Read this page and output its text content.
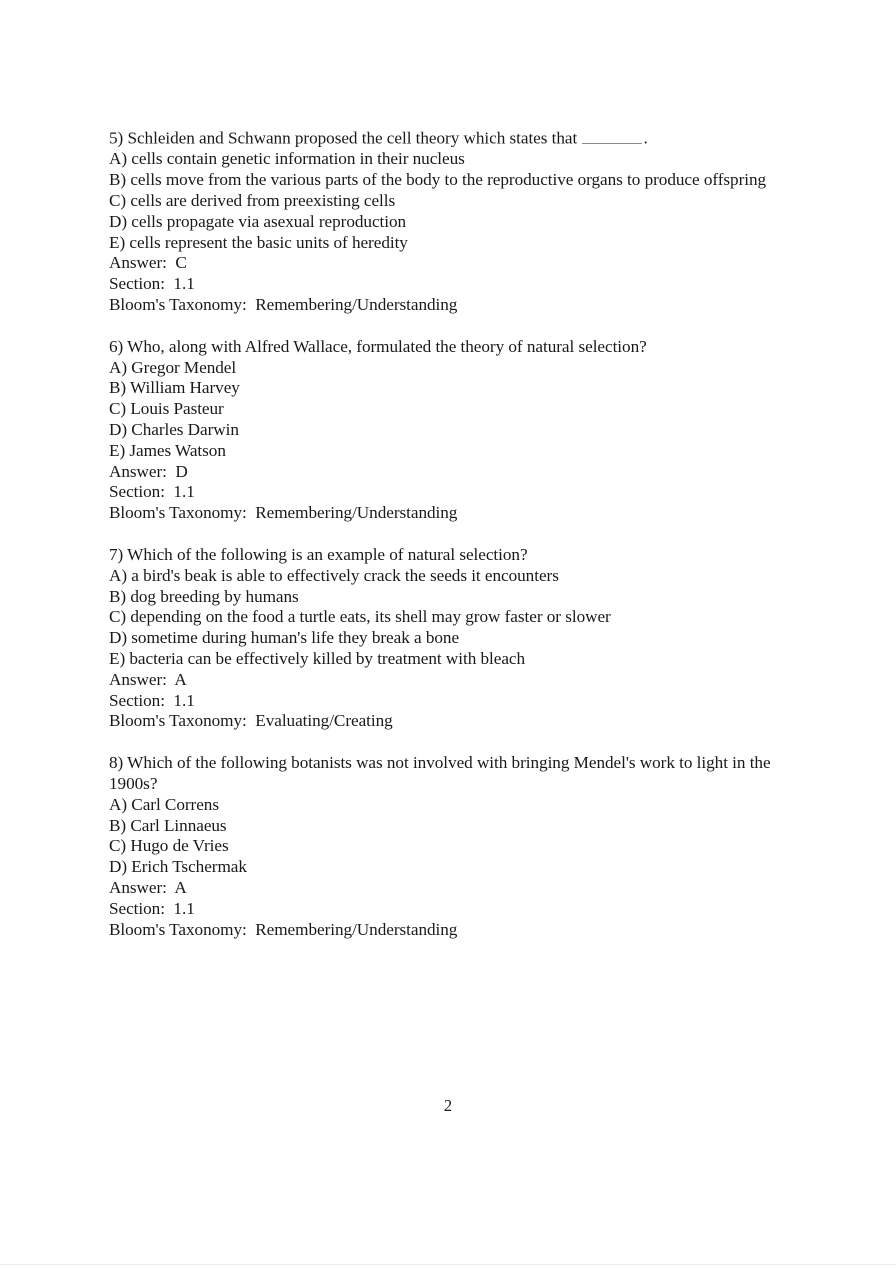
5) Schleiden and Schwann proposed the cell theory which states that	.
A) cells contain genetic information in their nucleus
B) cells move from the various parts of the body to the reproductive organs to produce offspring
C) cells are derived from preexisting cells
D) cells propagate via asexual reproduction
E) cells represent the basic units of heredity
Answer:  C
Section:  1.1
Bloom's Taxonomy:  Remembering/Understanding
6) Who, along with Alfred Wallace, formulated the theory of natural selection?
A) Gregor Mendel
B) William Harvey
C) Louis Pasteur
D) Charles Darwin
E) James Watson
Answer:  D
Section:  1.1
Bloom's Taxonomy:  Remembering/Understanding
7) Which of the following is an example of natural selection?
A) a bird's beak is able to effectively crack the seeds it encounters
B) dog breeding by humans
C) depending on the food a turtle eats, its shell may grow faster or slower
D) sometime during human's life they break a bone
E) bacteria can be effectively killed by treatment with bleach
Answer:  A
Section:  1.1
Bloom's Taxonomy:  Evaluating/Creating
8) Which of the following botanists was not involved with bringing Mendel's work to light in the 1900s?
A) Carl Correns
B) Carl Linnaeus
C) Hugo de Vries
D) Erich Tschermak
Answer:  A
Section:  1.1
Bloom's Taxonomy:  Remembering/Understanding
2
